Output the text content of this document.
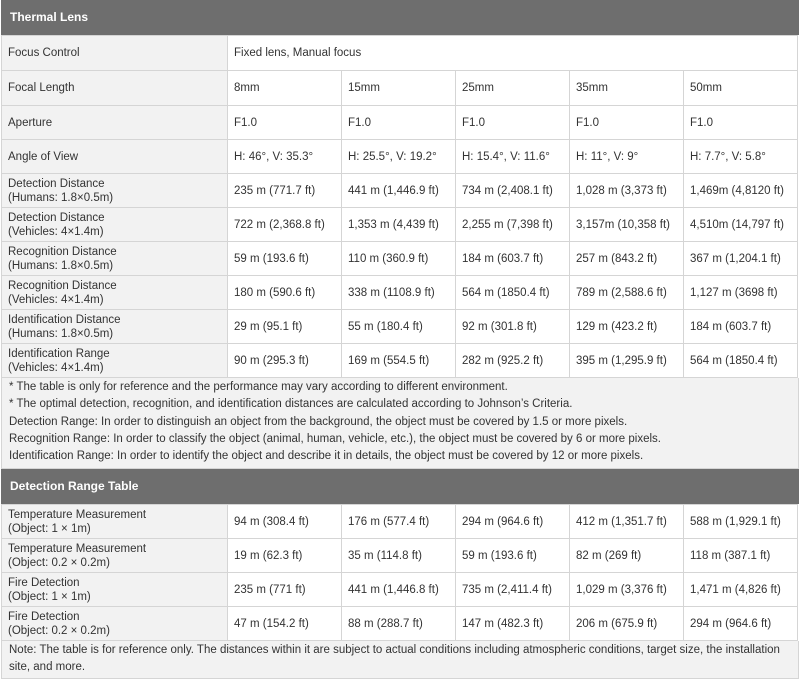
Thermal Lens
Focus Control	Fixed lens, Manual focus				
Focal Length	8mm	15mm	25mm	35mm	50mm
Aperture	F1.0	F1.0	F1.0	F1.0	F1.0
Angle of View	H: 46°, V: 35.3°	H: 25.5°, V: 19.2°	H: 15.4°, V: 11.6°	H: 11°, V: 9°	H: 7.7°, V: 5.8°

Detection Distance
(Humans: 1.8×0.5m)	235 m (771.7 ft)	441 m (1,446.9 ft)	734 m (2,408.1 ft)	1,028 m (3,373 ft)	1,469m (4,8120 ft)

Detection Distance
(Vehicles: 4×1.4m)	722 m (2,368.8 ft)	1,353 m (4,439 ft)	2,255 m (7,398 ft)	3,157m (10,358 ft)	4,510m (14,797 ft)

Recognition Distance
(Humans: 1.8×0.5m)	59 m (193.6 ft)	110 m (360.9 ft)	184 m (603.7 ft)	257 m (843.2 ft)	367 m (1,204.1 ft)

Recognition Distance
(Vehicles: 4×1.4m)	180 m (590.6 ft)	338 m (1108.9 ft)	564 m (1850.4 ft)	789 m (2,588.6 ft)	1,127 m (3698 ft)

Identification Distance
(Humans: 1.8×0.5m)	29 m (95.1 ft)	55 m (180.4 ft)	92 m (301.8 ft)	129 m (423.2 ft)	184 m (603.7 ft)

Identification Range
(Vehicles: 4×1.4m)	90 m (295.3 ft)	169 m (554.5 ft)	282 m (925.2 ft)	395 m (1,295.9 ft)	564 m (1850.4 ft)
* The table is only for reference and the performance may vary according to different environment.
* The optimal detection, recognition, and identification distances are calculated according to Johnson’s Criteria.
Detection Range: In order to distinguish an object from the background, the object must be covered by 1.5 or more pixels.
Recognition Range: In order to classify the object (animal, human, vehicle, etc.), the object must be covered by 6 or more pixels.
Identification Range: In order to identify the object and describe it in details, the object must be covered by 12 or more pixels.
Detection Range Table
Temperature Measurement
(Object: 1 × 1m)	94 m (308.4 ft)	176 m (577.4 ft)	294 m (964.6 ft)	412 m (1,351.7 ft)	588 m (1,929.1 ft)

Temperature Measurement
(Object: 0.2 × 0.2m)	19 m (62.3 ft)	35 m (114.8 ft)	59 m (193.6 ft)	82 m (269 ft)	118 m (387.1 ft)

Fire Detection
(Object: 1 × 1m)	235 m (771 ft)	441 m (1,446.8 ft)	735 m (2,411.4 ft)	1,029 m (3,376 ft)	1,471 m (4,826 ft)

Fire Detection
(Object: 0.2 × 0.2m)	47 m (154.2 ft)	88 m (288.7 ft)	147 m (482.3 ft)	206 m (675.9 ft)	294 m (964.6 ft)
Note: The table is for reference only. The distances within it are subject to actual conditions including atmospheric conditions, target size, the installation site, and more.
